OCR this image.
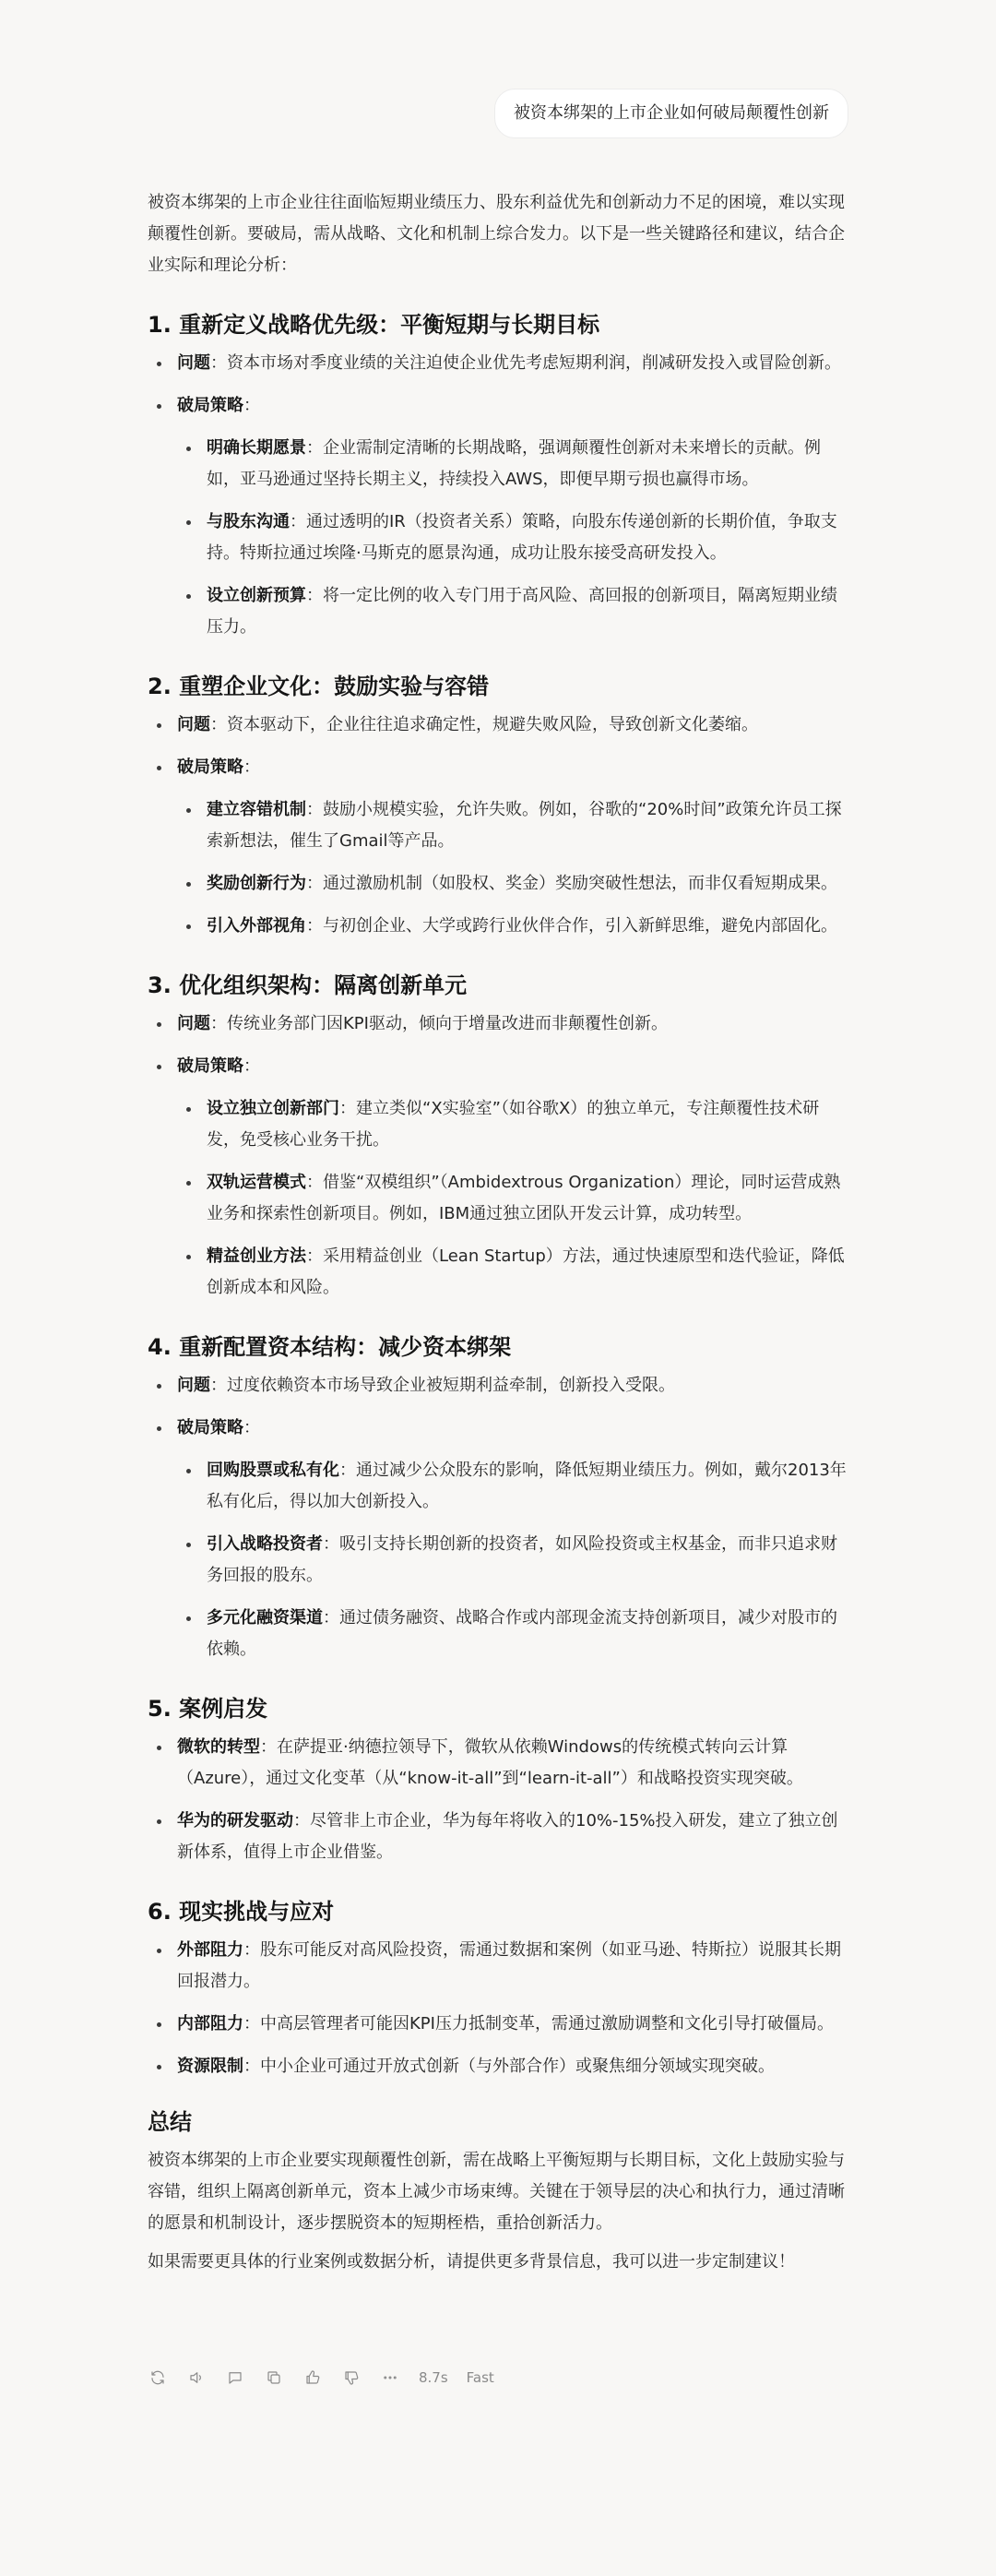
被资本绑架的上市企业如何破局颠覆性创新

被资本绑架的上市企业往往面临短期业绩压力、股东利益优先和创新动力不足的困境，难以实现颠覆性创新。要破局，需从战略、文化和机制上综合发力。以下是一些关键路径和建议，结合企业实际和理论分析：

1. 重新定义战略优先级：平衡短期与长期目标
问题：资本市场对季度业绩的关注迫使企业优先考虑短期利润，削减研发投入或冒险创新。
破局策略：
明确长期愿景：企业需制定清晰的长期战略，强调颠覆性创新对未来增长的贡献。例如，亚马逊通过坚持长期主义，持续投入AWS，即便早期亏损也赢得市场。
与股东沟通：通过透明的IR（投资者关系）策略，向股东传递创新的长期价值，争取支持。特斯拉通过埃隆·马斯克的愿景沟通，成功让股东接受高研发投入。
设立创新预算：将一定比例的收入专门用于高风险、高回报的创新项目，隔离短期业绩压力。
2. 重塑企业文化：鼓励实验与容错
问题：资本驱动下，企业往往追求确定性，规避失败风险，导致创新文化萎缩。
破局策略：
建立容错机制：鼓励小规模实验，允许失败。例如，谷歌的“20%时间”政策允许员工探索新想法，催生了Gmail等产品。
奖励创新行为：通过激励机制（如股权、奖金）奖励突破性想法，而非仅看短期成果。
引入外部视角：与初创企业、大学或跨行业伙伴合作，引入新鲜思维，避免内部固化。
3. 优化组织架构：隔离创新单元
问题：传统业务部门因KPI驱动，倾向于增量改进而非颠覆性创新。
破局策略：
设立独立创新部门：建立类似“X实验室”（如谷歌X）的独立单元，专注颠覆性技术研发，免受核心业务干扰。
双轨运营模式：借鉴“双模组织”（Ambidextrous Organization）理论，同时运营成熟业务和探索性创新项目。例如，IBM通过独立团队开发云计算，成功转型。
精益创业方法：采用精益创业（Lean Startup）方法，通过快速原型和迭代验证，降低创新成本和风险。
4. 重新配置资本结构：减少资本绑架
问题：过度依赖资本市场导致企业被短期利益牵制，创新投入受限。
破局策略：
回购股票或私有化：通过减少公众股东的影响，降低短期业绩压力。例如，戴尔2013年私有化后，得以加大创新投入。
引入战略投资者：吸引支持长期创新的投资者，如风险投资或主权基金，而非只追求财务回报的股东。
多元化融资渠道：通过债务融资、战略合作或内部现金流支持创新项目，减少对股市的依赖。
5. 案例启发
微软的转型：在萨提亚·纳德拉领导下，微软从依赖Windows的传统模式转向云计算（Azure），通过文化变革（从“know-it-all”到“learn-it-all”）和战略投资实现突破。
华为的研发驱动：尽管非上市企业，华为每年将收入的10%-15%投入研发，建立了独立创新体系，值得上市企业借鉴。
6. 现实挑战与应对
外部阻力：股东可能反对高风险投资，需通过数据和案例（如亚马逊、特斯拉）说服其长期回报潜力。
内部阻力：中高层管理者可能因KPI压力抵制变革，需通过激励调整和文化引导打破僵局。
资源限制：中小企业可通过开放式创新（与外部合作）或聚焦细分领域实现突破。
总结

被资本绑架的上市企业要实现颠覆性创新，需在战略上平衡短期与长期目标，文化上鼓励实验与容错，组织上隔离创新单元，资本上减少市场束缚。关键在于领导层的决心和执行力，通过清晰的愿景和机制设计，逐步摆脱资本的短期桎梏，重拾创新活力。

如果需要更具体的行业案例或数据分析，请提供更多背景信息，我可以进一步定制建议！

8.7s Fast
